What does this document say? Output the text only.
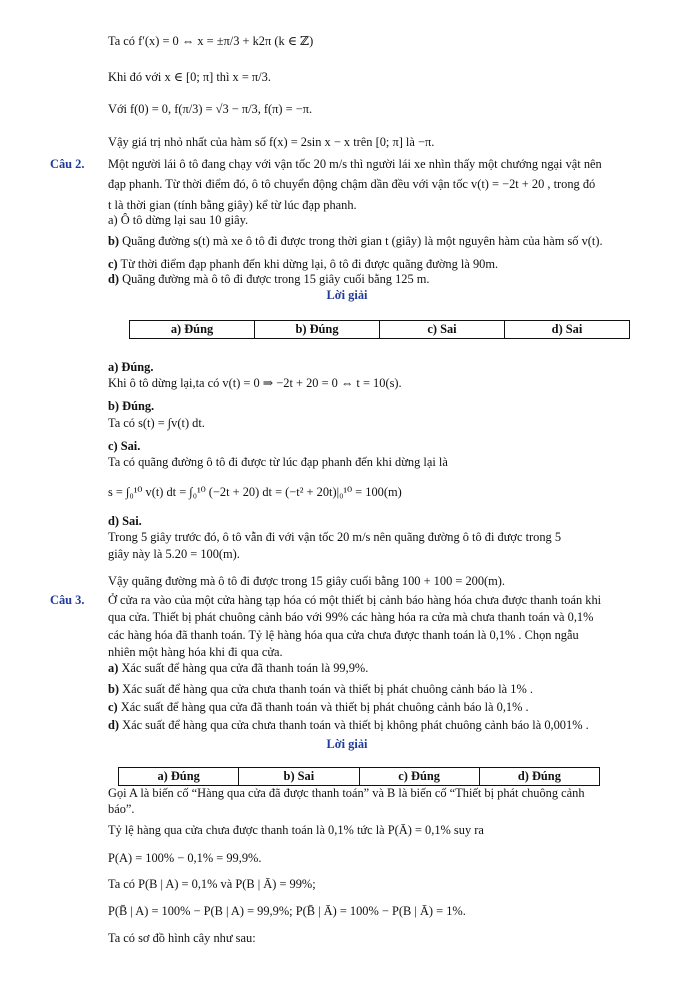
Ta có f′(x) = 0 ⇔ x = ±π/3 + k2π (k ∈ ℤ)
Khi đó với x ∈ [0; π] thì x = π/3.
Với f(0) = 0, f(π/3) = √3 − π/3, f(π) = −π.
Vậy giá trị nhỏ nhất của hàm số f(x) = 2sin x − x trên [0; π] là −π.
Câu 2. Một người lái ô tô đang chạy với vận tốc 20 m/s thì người lái xe nhìn thấy một chướng ngại vật nên
đạp phanh. Từ thời điểm đó, ô tô chuyển động chậm dần đều với vận tốc v(t) = −2t + 20 , trong đó
t là thời gian (tính bằng giây) kể từ lúc đạp phanh.
a) Ô tô dừng lại sau 10 giây.
b) Quãng đường s(t) mà xe ô tô đi được trong thời gian t (giây) là một nguyên hàm của hàm số v(t).
c) Từ thời điểm đạp phanh đến khi dừng lại, ô tô đi được quãng đường là 90m.
d) Quãng đường mà ô tô đi được trong 15 giây cuối bằng 125 m.
Lời giải
a) Đúng	b) Đúng	c) Sai	d) Sai
a) Đúng.
Khi ô tô dừng lại,ta có v(t) = 0 ⇒ −2t + 20 = 0 ⇔ t = 10(s).
b) Đúng.
Ta có s(t) = ∫v(t) dt.
c) Sai.
Ta có quãng đường ô tô đi được từ lúc đạp phanh đến khi dừng lại là
s = ∫₀¹⁰ v(t) dt = ∫₀¹⁰ (−2t + 20) dt = (−t² + 20t)|₀¹⁰ = 100(m)
d) Sai.
Trong 5 giây trước đó, ô tô vẫn đi với vận tốc 20 m/s nên quãng đường ô tô đi được trong 5
giây này là 5.20 = 100(m).
Vậy quãng đường mà ô tô đi được trong 15 giây cuối bằng 100 + 100 = 200(m).
Câu 3. Ở cửa ra vào của một cửa hàng tạp hóa có một thiết bị cảnh báo hàng hóa chưa được thanh toán khi
qua cửa. Thiết bị phát chuông cảnh báo với 99% các hàng hóa ra cửa mà chưa thanh toán và 0,1%
các hàng hóa đã thanh toán. Tỷ lệ hàng hóa qua cửa chưa được thanh toán là 0,1% . Chọn ngẫu
nhiên một hàng hóa khi đi qua cửa.
a) Xác suất để hàng qua cửa đã thanh toán là 99,9%.
b) Xác suất để hàng qua cửa chưa thanh toán và thiết bị phát chuông cảnh báo là 1% .
c) Xác suất để hàng qua cửa đã thanh toán và thiết bị phát chuông cảnh báo là 0,1% .
d) Xác suất để hàng qua cửa chưa thanh toán và thiết bị không phát chuông cảnh báo là 0,001% .
Lời giải
a) Đúng	b) Sai	c) Đúng	d) Đúng
Gọi A là biến cố “Hàng qua cửa đã được thanh toán” và B là biến cố “Thiết bị phát chuông cảnh
báo”.
Tỷ lệ hàng qua cửa chưa được thanh toán là 0,1% tức là P(Ā) = 0,1% suy ra
P(A) = 100% − 0,1% = 99,9%.
Ta có P(B | A) = 0,1% và P(B | Ā) = 99%;
P(B̄ | A) = 100% − P(B | A) = 99,9%; P(B̄ | Ā) = 100% − P(B | Ā) = 1%.
Ta có sơ đồ hình cây như sau:
